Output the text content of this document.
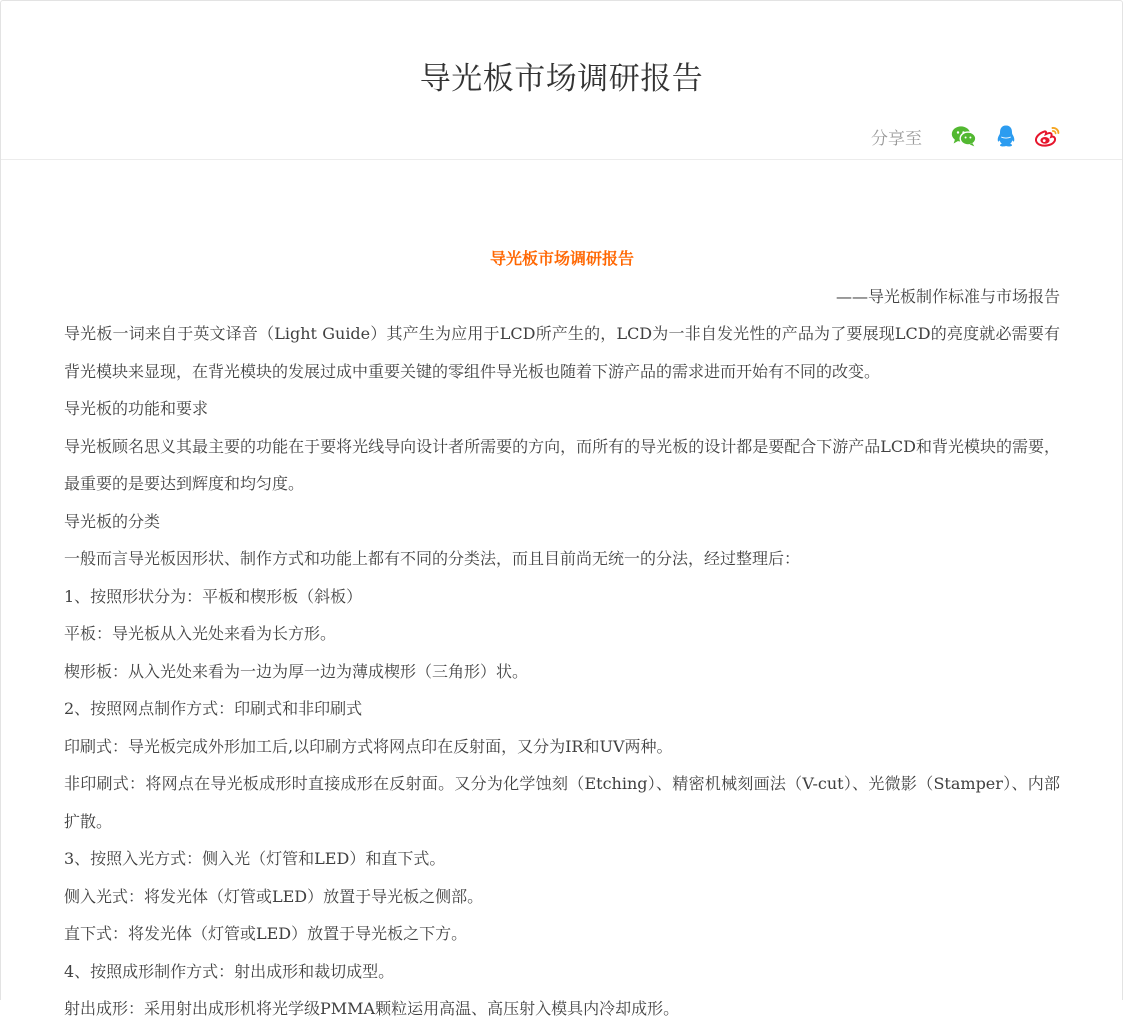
导光板市场调研报告
分享至

导光板市场调研报告

——导光板制作标准与市场报告

导光板一词来自于英文译音（Light Guide）其产生为应用于LCD所产生的，LCD为一非自发光性的产品为了要展现LCD的亮度就必需要有背光模块来显现，在背光模块的发展过成中重要关键的零组件导光板也随着下游产品的需求进而开始有不同的改变。

导光板的功能和要求

导光板顾名思义其最主要的功能在于要将光线导向设计者所需要的方向，而所有的导光板的设计都是要配合下游产品LCD和背光模块的需要，最重要的是要达到辉度和均匀度。

导光板的分类

一般而言导光板因形状、制作方式和功能上都有不同的分类法，而且目前尚无统一的分法，经过整理后：

1、按照形状分为：平板和楔形板（斜板）

平板：导光板从入光处来看为长方形。

楔形板：从入光处来看为一边为厚一边为薄成楔形（三角形）状。

2、按照网点制作方式：印刷式和非印刷式

印刷式：导光板完成外形加工后,以印刷方式将网点印在反射面，又分为IR和UV两种。

非印刷式：将网点在导光板成形时直接成形在反射面。又分为化学蚀刻（Etching）、精密机械刻画法（V-cut）、光微影（Stamper）、内部扩散。

3、按照入光方式：侧入光（灯管和LED）和直下式。

侧入光式：将发光体（灯管或LED）放置于导光板之侧部。

直下式：将发光体（灯管或LED）放置于导光板之下方。

4、按照成形制作方式：射出成形和裁切成型。

射出成形：采用射出成形机将光学级PMMA颗粒运用高温、高压射入模具内冷却成形。
